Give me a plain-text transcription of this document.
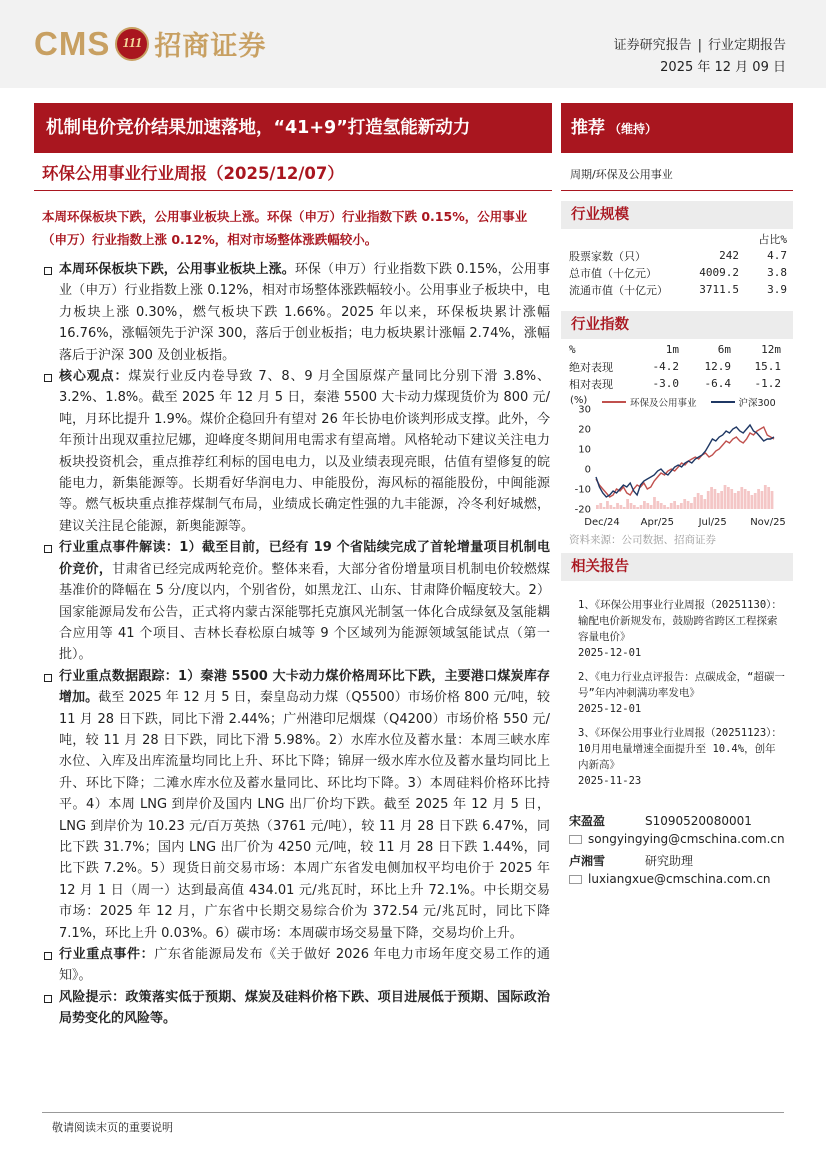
CMS 111 招商证券	证券研究报告 | 行业定期报告
2025 年 12 月 09 日
机制电价竞价结果加速落地，“41+9”打造氢能新动力	推荐 （维持）
环保公用事业行业周报（2025/12/07）	周期/环保及公用事业
本周环保板块下跌，公用事业板块上涨。环保（申万）行业指数下跌 0.15%，公用事业（申万）行业指数上涨 0.12%，相对市场整体涨跌幅较小。
本周环保板块下跌，公用事业板块上涨。环保（申万）行业指数下跌 0.15%，公用事业（申万）行业指数上涨 0.12%，相对市场整体涨跌幅较小。公用事业子板块中，电力板块上涨 0.30%，燃气板块下跌 1.66%。2025 年以来，环保板块累计涨幅 16.76%，涨幅领先于沪深 300，落后于创业板指；电力板块累计涨幅 2.74%，涨幅落后于沪深 300 及创业板指。
核心观点：煤炭行业反内卷导致 7、8、9 月全国原煤产量同比分别下滑 3.8%、3.2%、1.8%。截至 2025 年 12 月 5 日，秦港 5500 大卡动力煤现货价为 800 元/吨，月环比提升 1.9%。煤价企稳回升有望对 26 年长协电价谈判形成支撑。此外，今年预计出现双重拉尼娜，迎峰度冬期间用电需求有望高增。风格轮动下建议关注电力板块投资机会，重点推荐红利标的国电电力，以及业绩表现亮眼，估值有望修复的皖能电力，新集能源等。长期看好华润电力、申能股份，海风标的福能股份，中闽能源等。燃气板块重点推荐煤制气布局，业绩成长确定性强的九丰能源，冷冬利好城燃，建议关注昆仑能源，新奥能源等。
行业重点事件解读：1）截至目前，已经有 19 个省陆续完成了首轮增量项目机制电价竞价，甘肃省已经完成两轮竞价。整体来看，大部分省份增量项目机制电价较燃煤基准价的降幅在 5 分/度以内，个别省份，如黑龙江、山东、甘肃降价幅度较大。2）国家能源局发布公告，正式将内蒙古深能鄂托克旗风光制氢一体化合成绿氨及氢能耦合应用等 41 个项目、吉林长春松原白城等 9 个区域列为能源领域氢能试点（第一批）。
行业重点数据跟踪：1）秦港 5500 大卡动力煤价格周环比下跌，主要港口煤炭库存增加。截至 2025 年 12 月 5 日，秦皇岛动力煤（Q5500）市场价格 800 元/吨，较 11 月 28 日下跌，同比下滑 2.44%；广州港印尼烟煤（Q4200）市场价格 550 元/吨，较 11 月 28 日下跌，同比下滑 5.98%。2）水库水位及蓄水量：本周三峡水库水位、入库及出库流量均同比上升、环比下降；锦屏一级水库水位及蓄水量均同比上升、环比下降；二滩水库水位及蓄水量同比、环比均下降。3）本周硅料价格环比持平。4）本周 LNG 到岸价及国内 LNG 出厂价均下跌。截至 2025 年 12 月 5 日，LNG 到岸价为 10.23 元/百万英热（3761 元/吨），较 11 月 28 日下跌 6.47%，同比下跌 31.7%；国内 LNG 出厂价为 4250 元/吨，较 11 月 28 日下跌 1.44%，同比下跌 7.2%。5）现货日前交易市场：本周广东省发电侧加权平均电价于 2025 年 12 月 1 日（周一）达到最高值 434.01 元/兆瓦时，环比上升 72.1%。中长期交易市场：2025 年 12 月，广东省中长期交易综合价为 372.54 元/兆瓦时，同比下降 7.1%，环比上升 0.03%。6）碳市场：本周碳市场交易量下降，交易均价上升。
行业重点事件：广东省能源局发布《关于做好 2026 年电力市场年度交易工作的通知》。
风险提示：政策落实低于预期、煤炭及硅料价格下跌、项目进展低于预期、国际政治局势变化的风险等。
行业规模
		占比%
股票家数（只）	242	4.7
总市值（十亿元）	4009.2	3.8
流通市值（十亿元）	3711.5	3.9
行业指数
%	1m	6m	12m
绝对表现	-4.2	12.9	15.1
相对表现	-3.0	-6.4	-1.2
环保及公用事业	沪深300
(%)
30
20
10
0
-10
-20
Dec/24 Apr/25 Jul/25 Nov/25
资料来源：公司数据、招商证券
相关报告
1、《环保公用事业行业周报（20251130）：输配电价新规发布，鼓励跨省跨区工程探索容量电价》
2025-12-01
2、《电力行业点评报告：点碳成金，“超碳一号”年内冲刺满功率发电》
2025-12-01
3、《环保公用事业行业周报（20251123）：10月用电量增速全面提升至 10.4%，创年内新高》
2025-11-23
宋盈盈	S1090520080001
songyingying@cmschina.com.cn
卢湘雪	研究助理
luxiangxue@cmschina.com.cn
敬请阅读末页的重要说明
